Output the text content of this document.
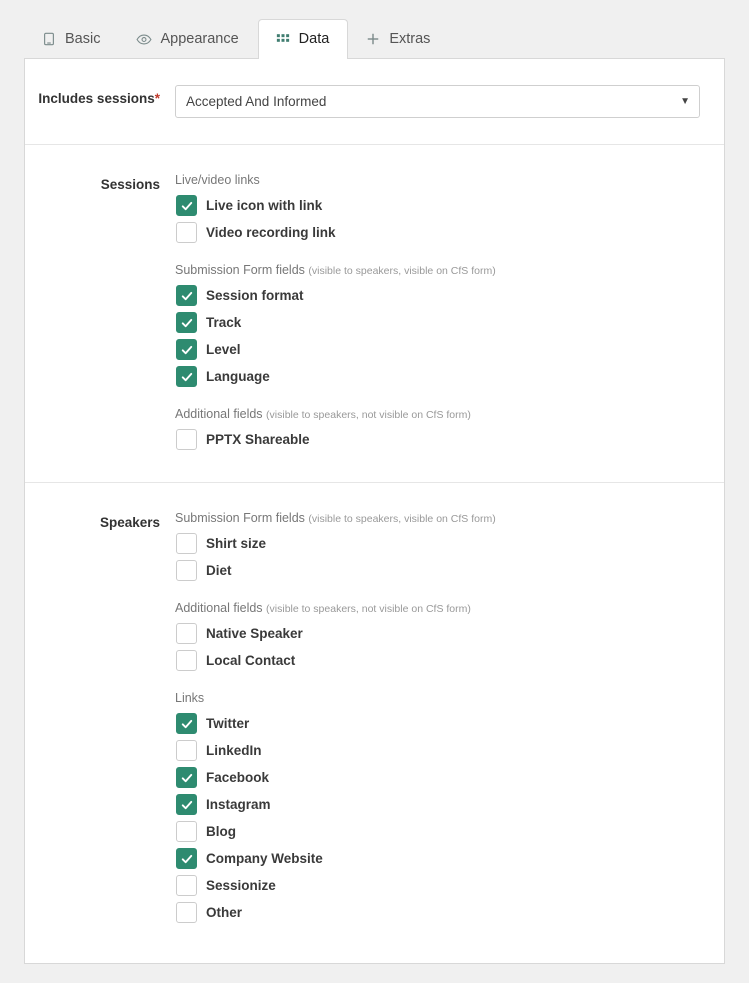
Basic	Appearance	Data	Extras
Includes sessions*
Accepted And Informed	▼
Sessions	Live/video links
Live icon with link
Video recording link
Submission Form fields (visible to speakers, visible on CfS form)
Session format
Track
Level
Language
Additional fields (visible to speakers, not visible on CfS form)
PPTX Shareable
Speakers	Submission Form fields (visible to speakers, visible on CfS form)
Shirt size
Diet
Additional fields (visible to speakers, not visible on CfS form)
Native Speaker
Local Contact
Links
Twitter
LinkedIn
Facebook
Instagram
Blog
Company Website
Sessionize
Other
